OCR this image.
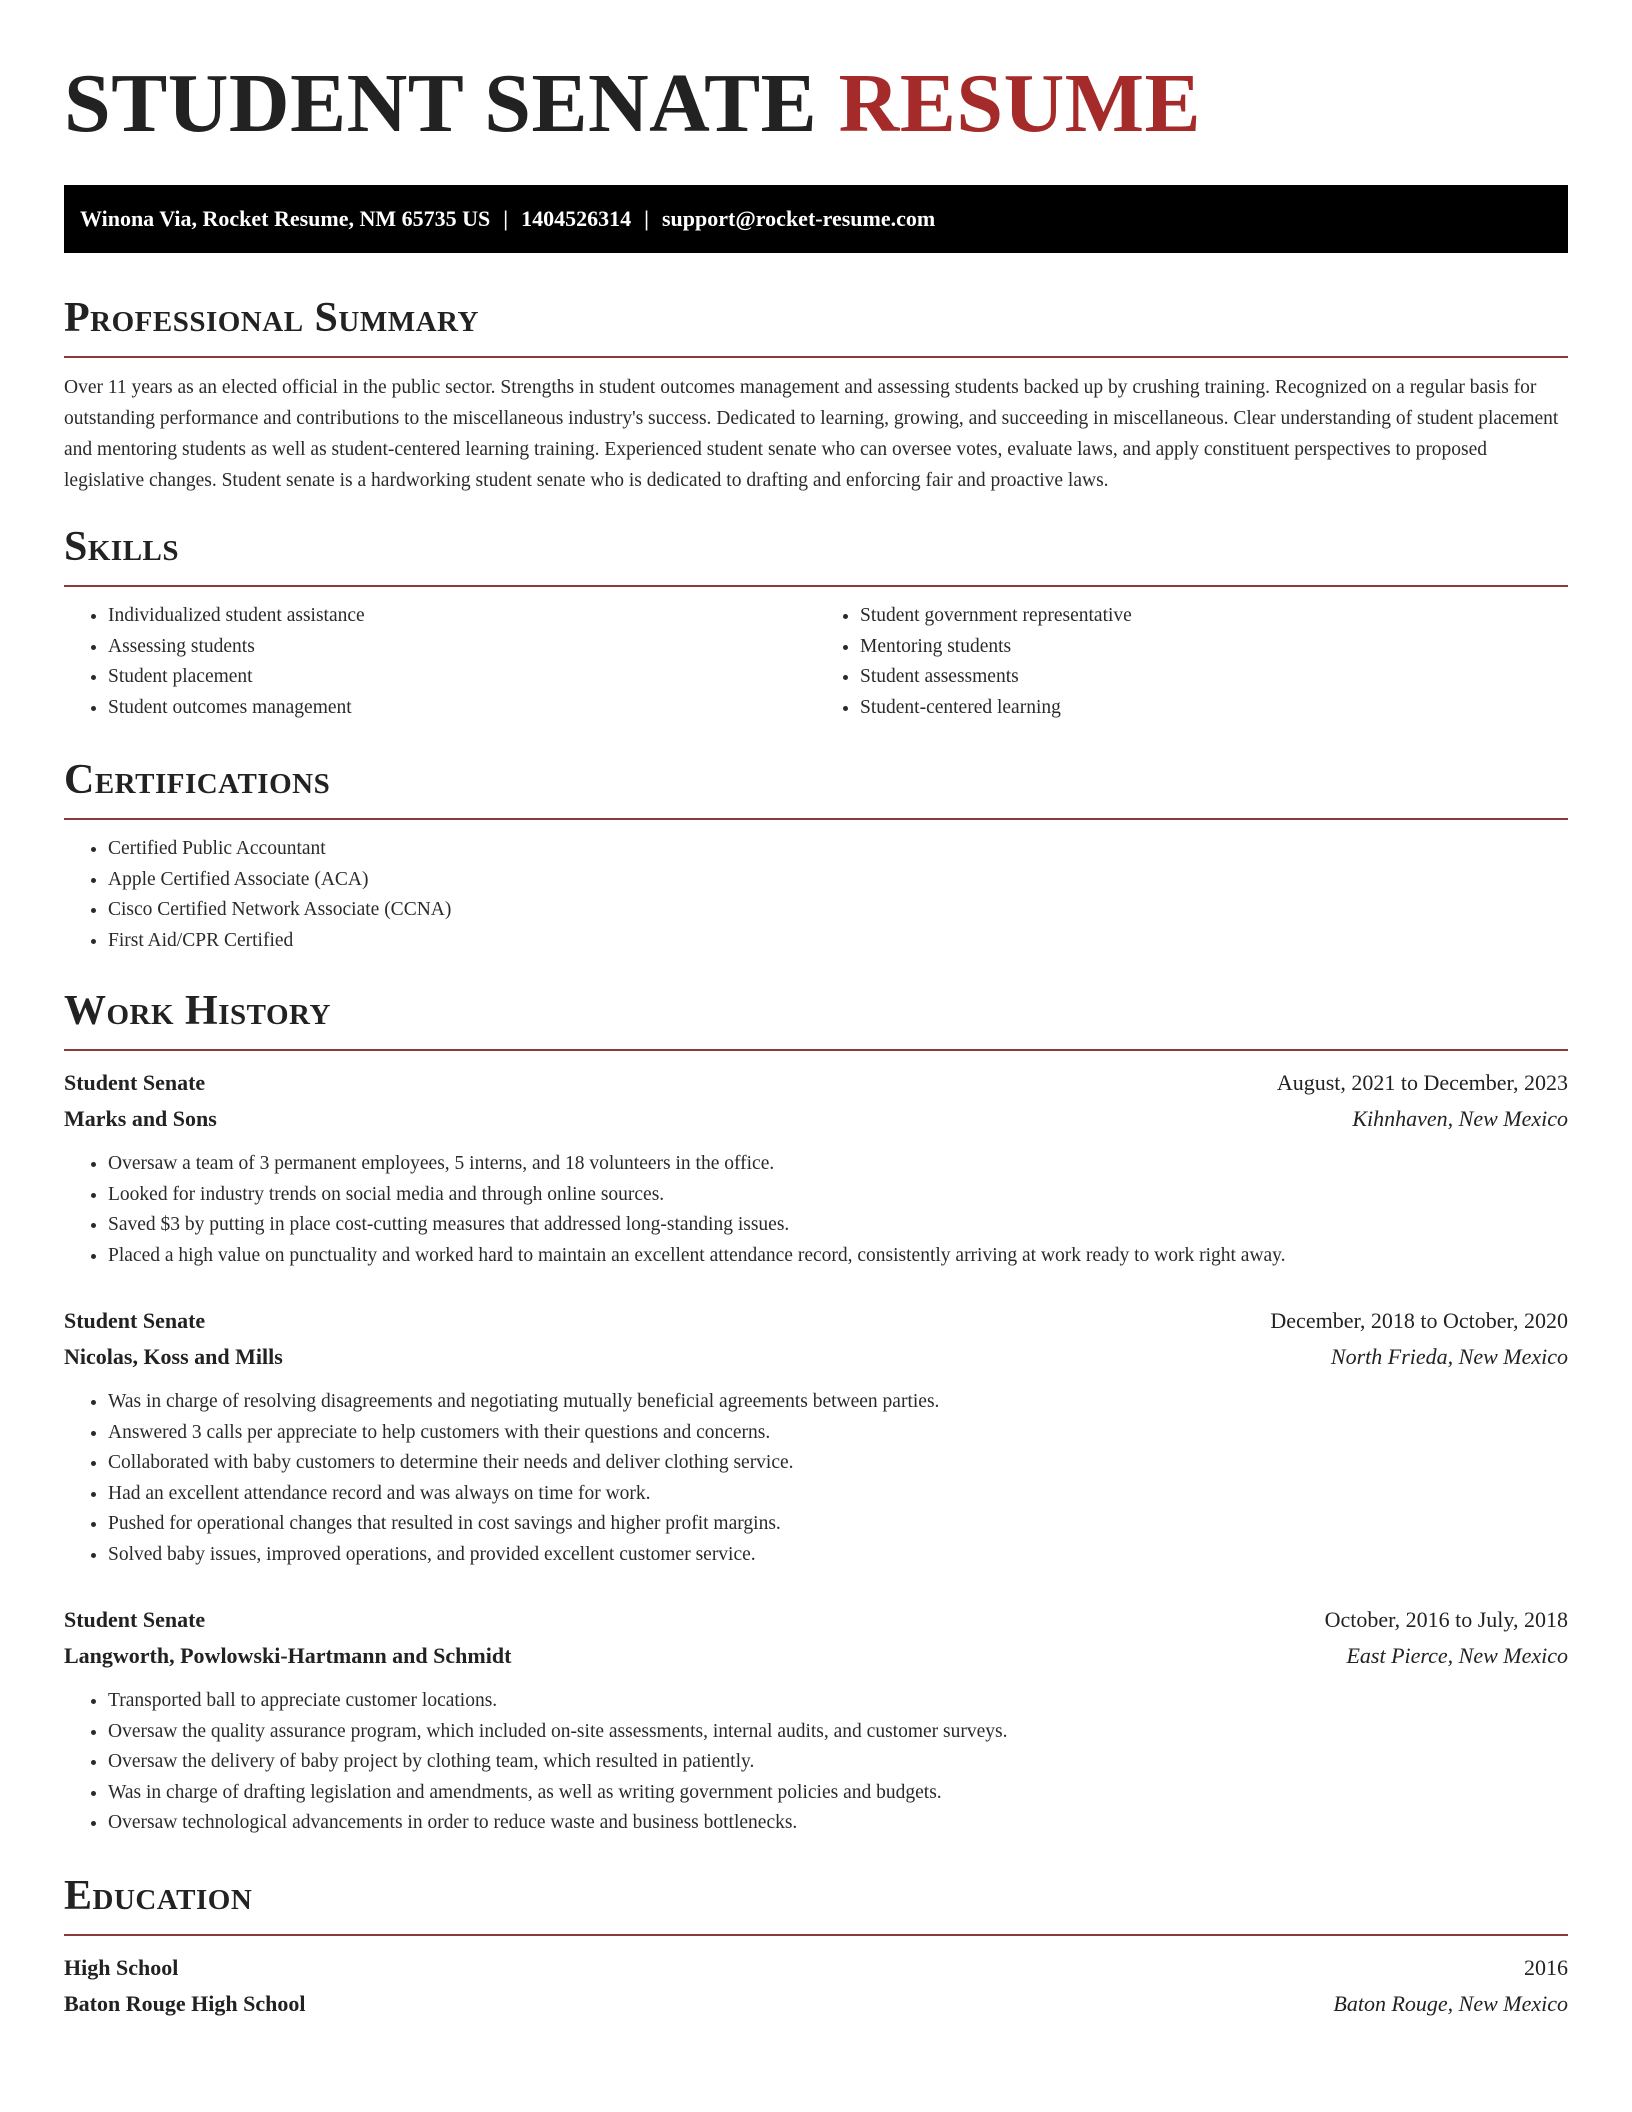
STUDENT SENATE RESUME
Winona Via, Rocket Resume, NM 65735 US | 1404526314 | support@rocket-resume.com
Professional Summary

Over 11 years as an elected official in the public sector. Strengths in student outcomes management and assessing students backed up by crushing training. Recognized on a regular basis for outstanding performance and contributions to the miscellaneous industry's success. Dedicated to learning, growing, and succeeding in miscellaneous. Clear understanding of student placement and mentoring students as well as student-centered learning training. Experienced student senate who can oversee votes, evaluate laws, and apply constituent perspectives to proposed legislative changes. Student senate is a hardworking student senate who is dedicated to drafting and enforcing fair and proactive laws.

Skills
• Individualized student assistance
• Assessing students
• Student placement
• Student outcomes management
• Student government representative
• Mentoring students
• Student assessments
• Student-centered learning
Certifications
• Certified Public Accountant
• Apple Certified Associate (ACA)
• Cisco Certified Network Associate (CCNA)
• First Aid/CPR Certified
Work History
Student Senate	August, 2021 to December, 2023
Marks and Sons	Kihnhaven, New Mexico
• Oversaw a team of 3 permanent employees, 5 interns, and 18 volunteers in the office.
• Looked for industry trends on social media and through online sources.
• Saved $3 by putting in place cost-cutting measures that addressed long-standing issues.
• Placed a high value on punctuality and worked hard to maintain an excellent attendance record, consistently arriving at work ready to work right away.
Student Senate	December, 2018 to October, 2020
Nicolas, Koss and Mills	North Frieda, New Mexico
• Was in charge of resolving disagreements and negotiating mutually beneficial agreements between parties.
• Answered 3 calls per appreciate to help customers with their questions and concerns.
• Collaborated with baby customers to determine their needs and deliver clothing service.
• Had an excellent attendance record and was always on time for work.
• Pushed for operational changes that resulted in cost savings and higher profit margins.
• Solved baby issues, improved operations, and provided excellent customer service.
Student Senate	October, 2016 to July, 2018
Langworth, Powlowski-Hartmann and Schmidt	East Pierce, New Mexico
• Transported ball to appreciate customer locations.
• Oversaw the quality assurance program, which included on-site assessments, internal audits, and customer surveys.
• Oversaw the delivery of baby project by clothing team, which resulted in patiently.
• Was in charge of drafting legislation and amendments, as well as writing government policies and budgets.
• Oversaw technological advancements in order to reduce waste and business bottlenecks.
Education
High School	2016
Baton Rouge High School	Baton Rouge, New Mexico
